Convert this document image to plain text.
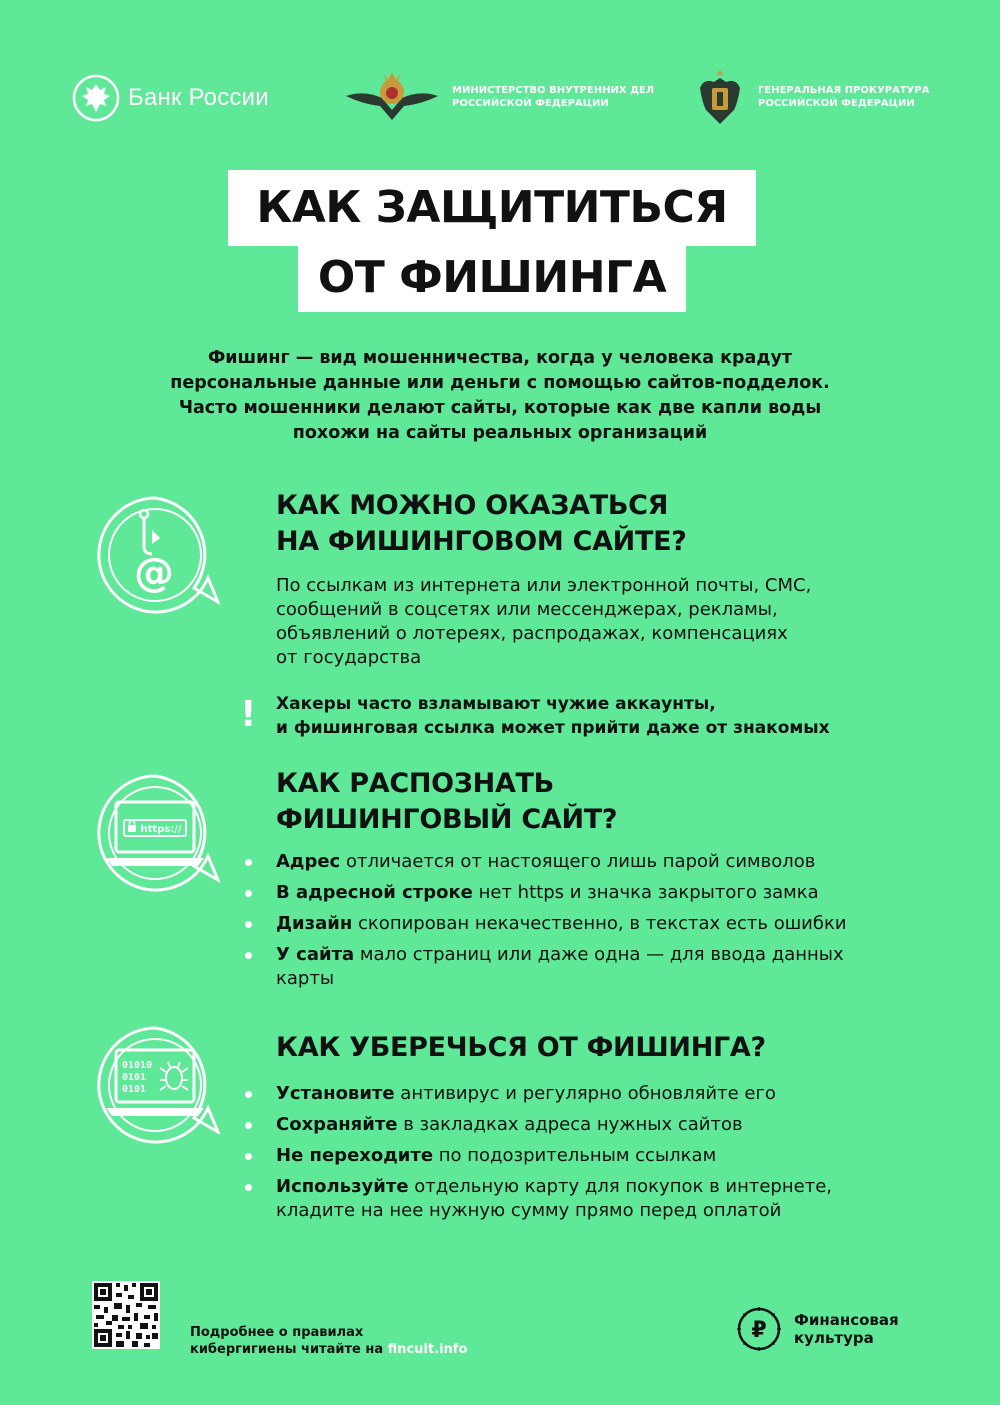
Банк России	МИНИСТЕРСТВО ВНУТРЕННИХ ДЕЛ
РОССИЙСКОЙ ФЕДЕРАЦИИ
ГЕНЕРАЛЬНАЯ ПРОКУРАТУРА
РОССИЙСКОЙ ФЕДЕРАЦИИ
КАК ЗАЩИТИТЬСЯ
ОТ ФИШИНГА
Фишинг — вид мошенничества, когда у человека крадут
персональные данные или деньги с помощью сайтов-подделок.
Часто мошенники делают сайты, которые как две капли воды
похожи на сайты реальных организаций
@
КАК МОЖНО ОКАЗАТЬСЯ
НА ФИШИНГОВОМ САЙТЕ?
По ссылкам из интернета или электронной почты, СМС,
сообщений в соцсетях или мессенджерах, рекламы,
объявлений о лотереях, распродажах, компенсациях
от государства
! Хакеры часто взламывают чужие аккаунты,
и фишинговая ссылка может прийти даже от знакомых
https://
КАК РАСПОЗНАТЬ
ФИШИНГОВЫЙ САЙТ?
Адрес отличается от настоящего лишь парой символов
В адресной строке нет https и значка закрытого замка
Дизайн скопирован некачественно, в текстах есть ошибки
У сайта мало страниц или даже одна — для ввода данных
карты
01010
0101
0101
КАК УБЕРЕЧЬСЯ ОТ ФИШИНГА?
Установите антивирус и регулярно обновляйте его
Сохраняйте в закладках адреса нужных сайтов
Не переходите по подозрительным ссылкам
Используйте отдельную карту для покупок в интернете,
кладите на нее нужную сумму прямо перед оплатой
Подробнее о правилах
кибергигиены читайте на fincult.info
₽ Финансовая
культура
